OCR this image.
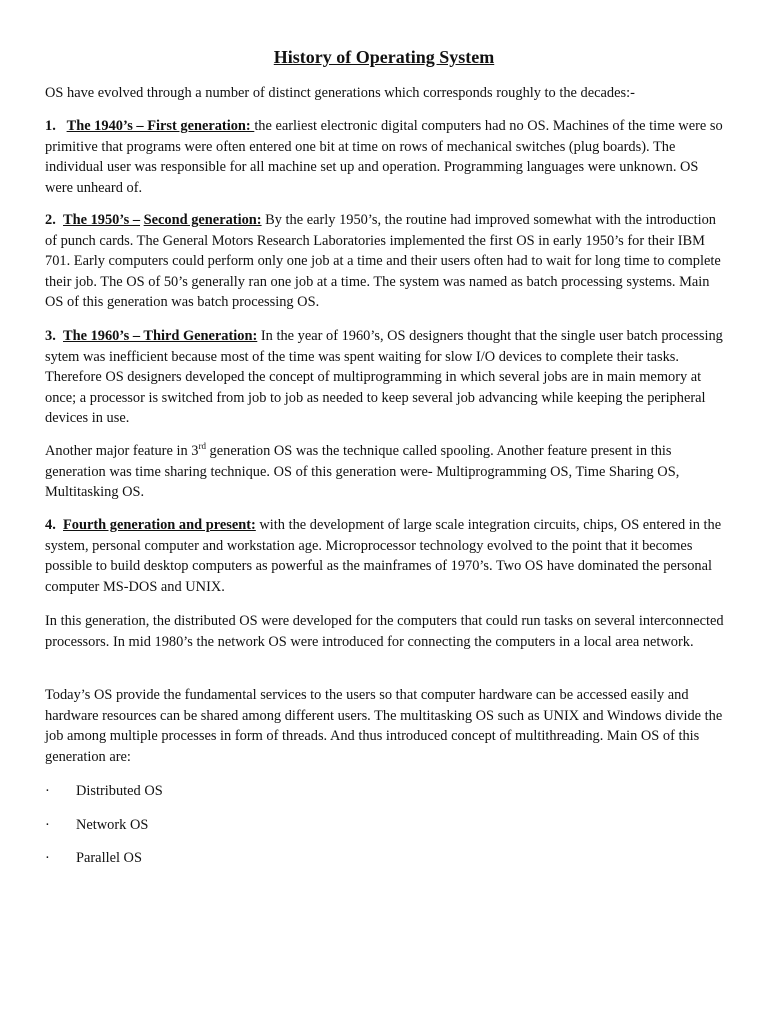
History of Operating System

OS have evolved through a number of distinct generations which corresponds roughly to the decades:-

1. The 1940’s – First generation: the earliest electronic digital computers had no OS. Machines of the time were so primitive that programs were often entered one bit at time on rows of mechanical switches (plug boards). The individual user was responsible for all machine set up and operation. Programming languages were unknown. OS were unheard of.

2. The 1950’s – Second generation: By the early 1950’s, the routine had improved somewhat with the introduction of punch cards. The General Motors Research Laboratories implemented the first OS in early 1950’s for their IBM 701. Early computers could perform only one job at a time and their users often had to wait for long time to complete their job. The OS of 50’s generally ran one job at a time. The system was named as batch processing systems. Main OS of this generation was batch processing OS.

3. The 1960’s – Third Generation: In the year of 1960’s, OS designers thought that the single user batch processing sytem was inefficient because most of the time was spent waiting for slow I/O devices to complete their tasks. Therefore OS designers developed the concept of multiprogramming in which several jobs are in main memory at once; a processor is switched from job to job as needed to keep several job advancing while keeping the peripheral devices in use.

Another major feature in 3rd generation OS was the technique called spooling. Another feature present in this generation was time sharing technique. OS of this generation were- Multiprogramming OS, Time Sharing OS, Multitasking OS.

4. Fourth generation and present: with the development of large scale integration circuits, chips, OS entered in the system, personal computer and workstation age. Microprocessor technology evolved to the point that it becomes possible to build desktop computers as powerful as the mainframes of 1970’s. Two OS have dominated the personal computer MS-DOS and UNIX.

In this generation, the distributed OS were developed for the computers that could run tasks on several interconnected processors. In mid 1980’s the network OS were introduced for connecting the computers in a local area network.

Today’s OS provide the fundamental services to the users so that computer hardware can be accessed easily and hardware resources can be shared among different users. The multitasking OS such as UNIX and Windows divide the job among multiple processes in form of threads. And thus introduced concept of multithreading. Main OS of this generation are:

· Distributed OS
· Network OS
· Parallel OS
